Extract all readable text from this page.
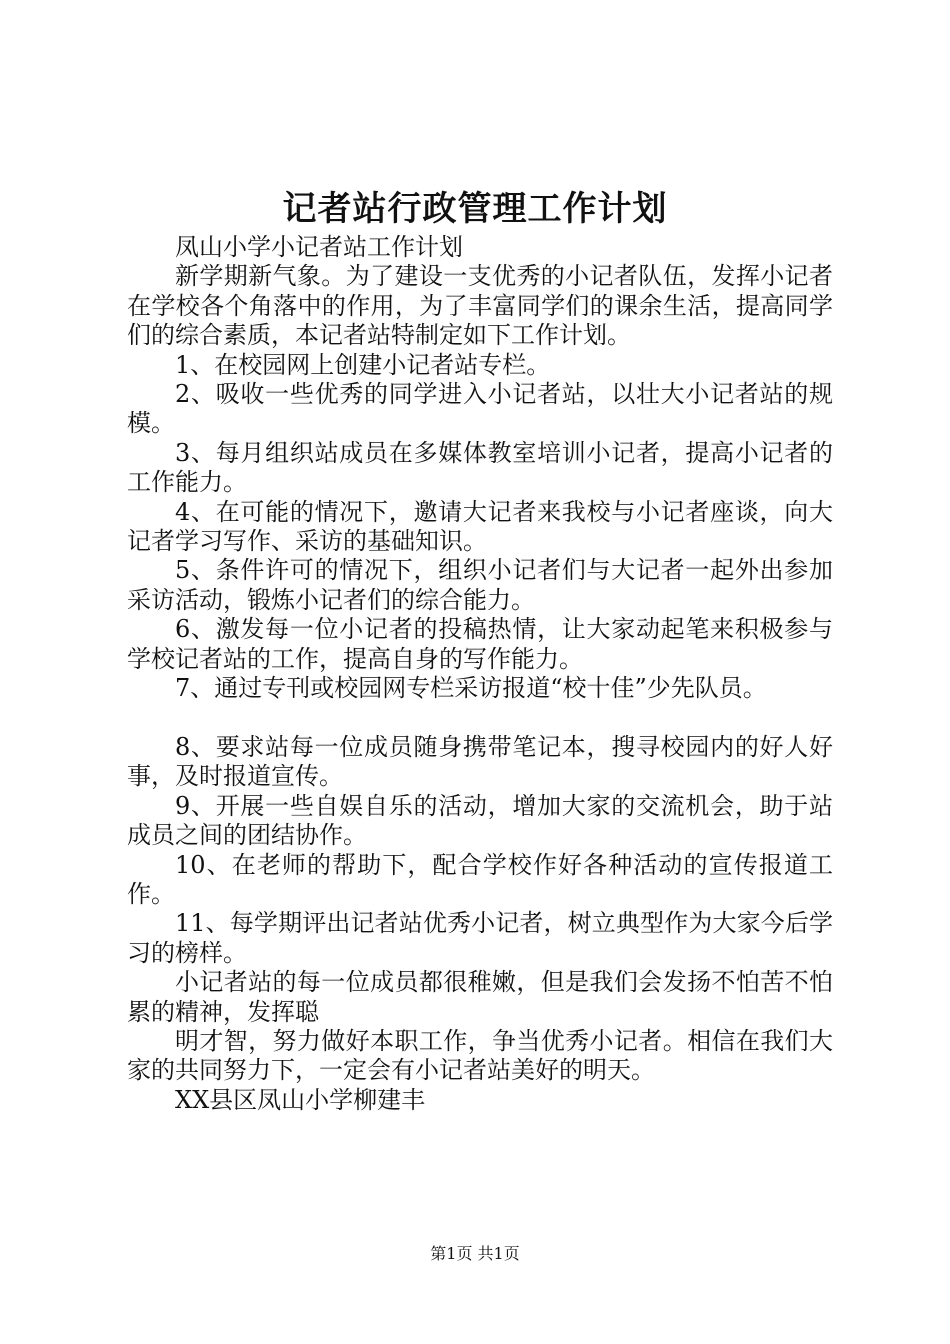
记者站行政管理工作计划

凤山小学小记者站工作计划

新学期新气象。为了建设一支优秀的小记者队伍，发挥小记者在学校各个角落中的作用，为了丰富同学们的课余生活，提高同学们的综合素质，本记者站特制定如下工作计划。

1、在校园网上创建小记者站专栏。

2、吸收一些优秀的同学进入小记者站，以壮大小记者站的规模。

3、每月组织站成员在多媒体教室培训小记者，提高小记者的工作能力。

4、在可能的情况下，邀请大记者来我校与小记者座谈，向大记者学习写作、采访的基础知识。

5、条件许可的情况下，组织小记者们与大记者一起外出参加采访活动，锻炼小记者们的综合能力。

6、激发每一位小记者的投稿热情，让大家动起笔来积极参与学校记者站的工作，提高自身的写作能力。

7、通过专刊或校园网专栏采访报道“校十佳”少先队员。

8、要求站每一位成员随身携带笔记本，搜寻校园内的好人好事，及时报道宣传。

9、开展一些自娱自乐的活动，增加大家的交流机会，助于站成员之间的团结协作。

10、在老师的帮助下，配合学校作好各种活动的宣传报道工作。

11、每学期评出记者站优秀小记者，树立典型作为大家今后学习的榜样。

小记者站的每一位成员都很稚嫩，但是我们会发扬不怕苦不怕累的精神，发挥聪

明才智，努力做好本职工作，争当优秀小记者。相信在我们大家的共同努力下，一定会有小记者站美好的明天。

XX县区凤山小学柳建丰

第1页 共1页
